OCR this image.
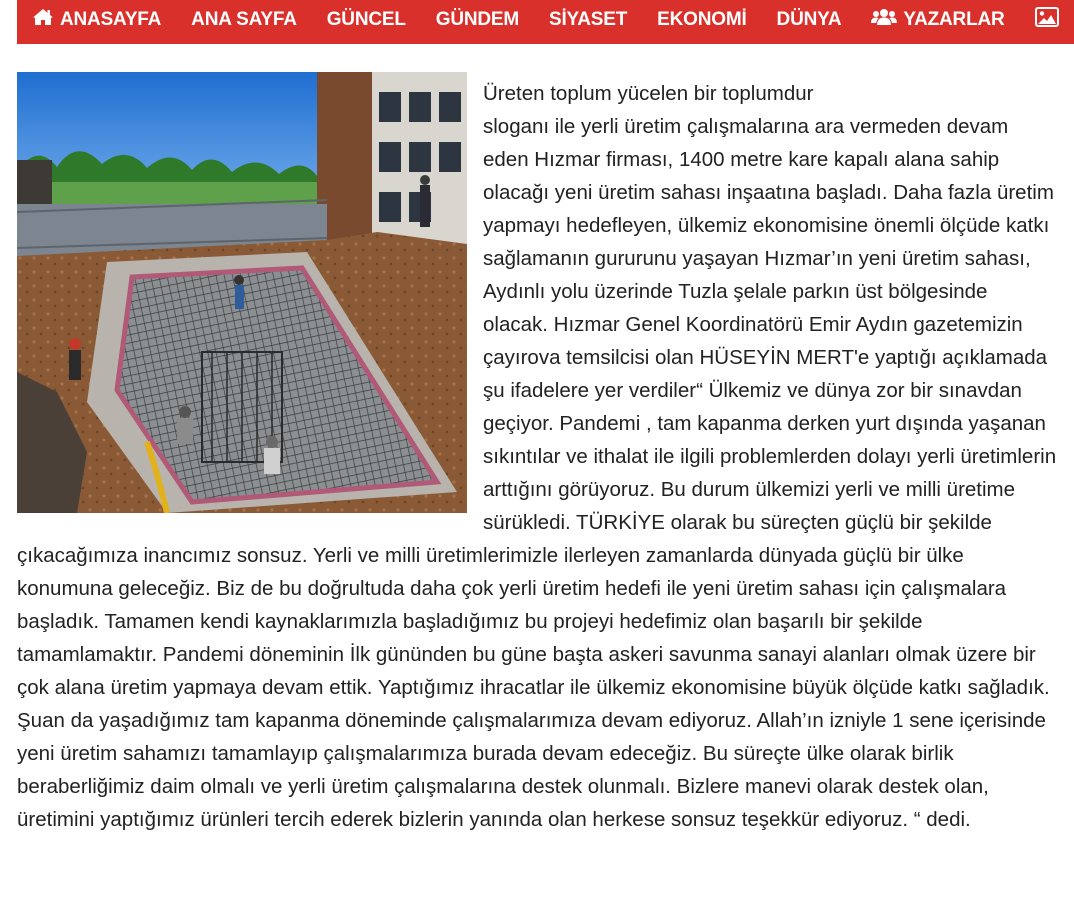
ANASAYFA ANA SAYFA GÜNCEL GÜNDEM SİYASET EKONOMİ DÜNYA	YAZARLAR

Üreten toplum yücelen bir toplumdur
sloganı ile yerli üretim çalışmalarına ara vermeden devam eden Hızmar firması, 1400 metre kare kapalı alana sahip olacağı yeni üretim sahası inşaatına başladı. Daha fazla üretim yapmayı hedefleyen, ülkemiz ekonomisine önemli ölçüde katkı sağlamanın gururunu yaşayan Hızmar’ın yeni üretim sahası, Aydınlı yolu üzerinde Tuzla şelale parkın üst bölgesinde olacak. Hızmar Genel Koordinatörü Emir Aydın gazetemizin çayırova temsilcisi olan HÜSEYİN MERT'e yaptığı açıklamada şu ifadelere yer verdiler“ Ülkemiz ve dünya zor bir sınavdan geçiyor. Pandemi , tam kapanma derken yurt dışında yaşanan sıkıntılar ve ithalat ile ilgili problemlerden dolayı yerli üretimlerin arttığını görüyoruz. Bu durum ülkemizi yerli ve milli üretime sürükledi. TÜRKİYE olarak bu süreçten güçlü bir şekilde çıkacağımıza inancımız sonsuz. Yerli ve milli üretimlerimizle ilerleyen zamanlarda dünyada güçlü bir ülke konumuna geleceğiz. Biz de bu doğrultuda daha çok yerli üretim hedefi ile yeni üretim sahası için çalışmalara başladık. Tamamen kendi kaynaklarımızla başladığımız bu projeyi hedefimiz olan başarılı bir şekilde tamamlamaktır. Pandemi döneminin İlk gününden bu güne başta askeri savunma sanayi alanları olmak üzere bir çok alana üretim yapmaya devam ettik. Yaptığımız ihracatlar ile ülkemiz ekonomisine büyük ölçüde katkı sağladık. Şuan da yaşadığımız tam kapanma döneminde çalışmalarımıza devam ediyoruz. Allah’ın izniyle 1 sene içerisinde yeni üretim sahamızı tamamlayıp çalışmalarımıza burada devam edeceğiz. Bu süreçte ülke olarak birlik beraberliğimiz daim olmalı ve yerli üretim çalışmalarına destek olunmalı. Bizlere manevi olarak destek olan, üretimini yaptığımız ürünleri tercih ederek bizlerin yanında olan herkese sonsuz teşekkür ediyoruz. “ dedi.
